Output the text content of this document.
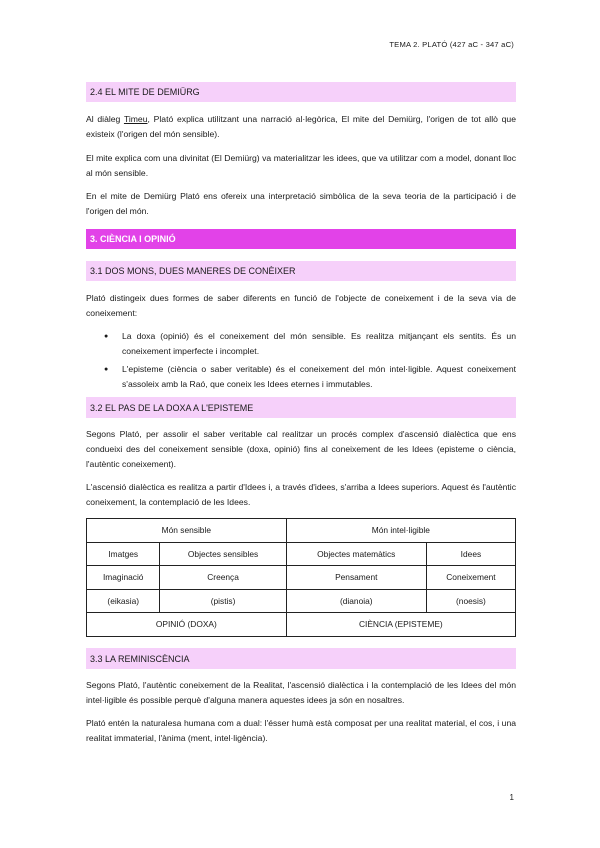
TEMA 2. PLATÓ (427 aC - 347 aC)
2.4 EL MITE DE DEMIÜRG

Al diàleg Timeu, Plató explica utilitzant una narració al·legòrica, El mite del Demiürg, l'origen de tot allò que existeix (l'origen del món sensible).

El mite explica com una divinitat (El Demiürg) va materialitzar les idees, que va utilitzar com a model, donant lloc al món sensible.

En el mite de Demiürg Plató ens ofereix una interpretació simbòlica de la seva teoria de la participació i de l'origen del món.

3. CIÈNCIA I OPINIÓ
3.1 DOS MONS, DUES MANERES DE CONÈIXER

Plató distingeix dues formes de saber diferents en funció de l'objecte de coneixement i de la seva via de coneixement:

● La doxa (opinió) és el coneixement del món sensible. Es realitza mitjançant els sentits. És un coneixement imperfecte i incomplet.
● L'episteme (ciència o saber veritable) és el coneixement del món intel·ligible. Aquest coneixement s'assoleix amb la Raó, que coneix les Idees eternes i immutables.
3.2 EL PAS DE LA DOXA A L'EPISTEME

Segons Plató, per assolir el saber veritable cal realitzar un procés complex d'ascensió dialèctica que ens condueixi des del coneixement sensible (doxa, opinió) fins al coneixement de les Idees (episteme o ciència, l'autèntic coneixement).

L'ascensió dialèctica es realitza a partir d'Idees i, a través d'idees, s'arriba a Idees superiors. Aquest és l'autèntic coneixement, la contemplació de les Idees.

Món sensible		Món intel·ligible	
Imatges	Objectes sensibles	Objectes matemàtics	Idees
Imaginació	Creença	Pensament	Coneixement
(eikasia)	(pistis)	(dianoia)	(noesis)
OPINIÓ (DOXA)		CIÈNCIA (EPISTEME)	
3.3 LA REMINISCÈNCIA

Segons Plató, l'autèntic coneixement de la Realitat, l'ascensió dialèctica i la contemplació de les Idees del món intel·ligible és possible perquè d'alguna manera aquestes idees ja són en nosaltres.

Plató entén la naturalesa humana com a dual: l'ésser humà està composat per una realitat material, el cos, i una realitat immaterial, l'ànima (ment, intel·ligència).

1
